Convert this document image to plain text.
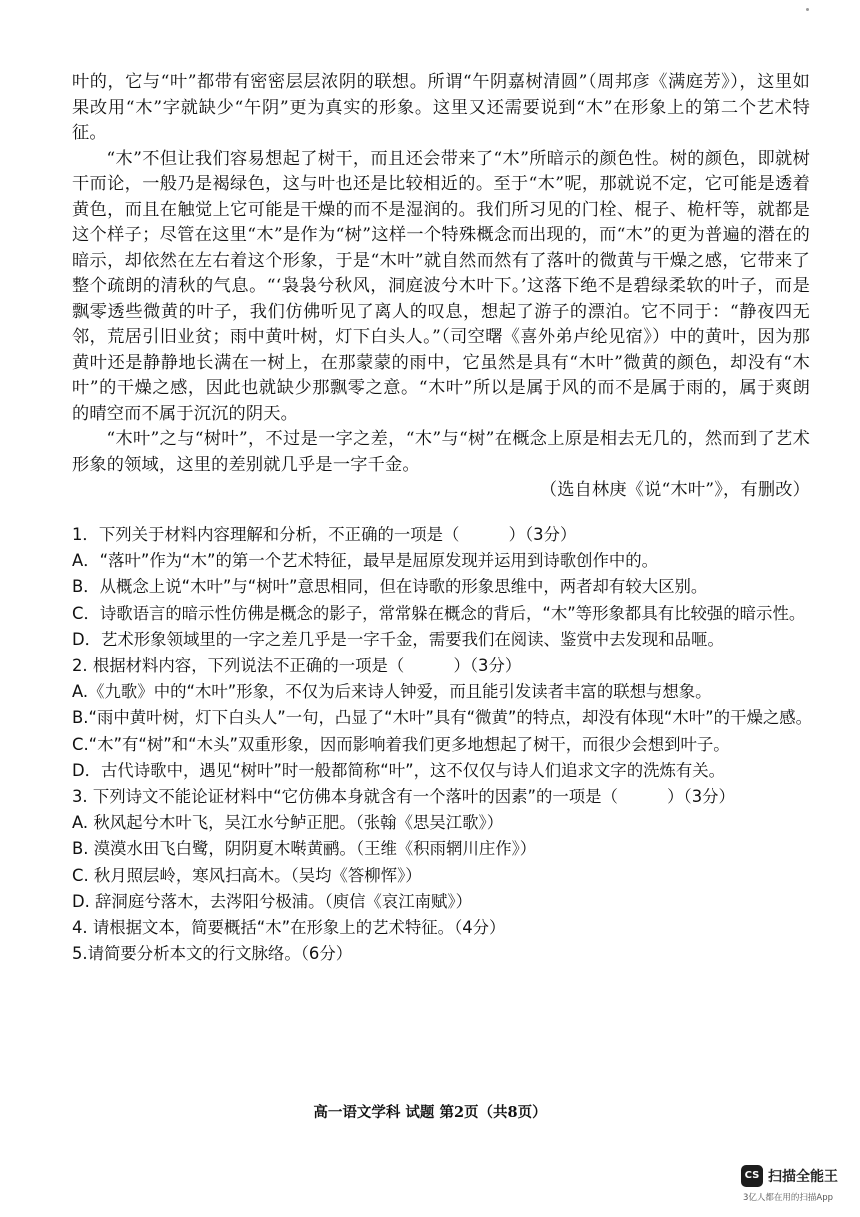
叶的，它与“叶”都带有密密层层浓阴的联想。所谓“午阴嘉树清圆”（周邦彦《满庭芳》），这里如果改用“木”字就缺少“午阴”更为真实的形象。这里又还需要说到“木”在形象上的第二个艺术特征。

“木”不但让我们容易想起了树干，而且还会带来了“木”所暗示的颜色性。树的颜色，即就树干而论，一般乃是褐绿色，这与叶也还是比较相近的。至于“木”呢，那就说不定，它可能是透着黄色，而且在触觉上它可能是干燥的而不是湿润的。我们所习见的门栓、棍子、桅杆等，就都是这个样子；尽管在这里“木”是作为“树”这样一个特殊概念而出现的，而“木”的更为普遍的潜在的暗示，却依然在左右着这个形象，于是“木叶”就自然而然有了落叶的微黄与干燥之感，它带来了整个疏朗的清秋的气息。“‘袅袅兮秋风，洞庭波兮木叶下。’这落下绝不是碧绿柔软的叶子，而是飘零透些微黄的叶子，我们仿佛听见了离人的叹息，想起了游子的漂泊。它不同于：“静夜四无邻，荒居引旧业贫；雨中黄叶树，灯下白头人。”（司空曙《喜外弟卢纶见宿》）中的黄叶，因为那黄叶还是静静地长满在一树上，在那蒙蒙的雨中，它虽然是具有“木叶”微黄的颜色，却没有“木叶”的干燥之感，因此也就缺少那飘零之意。“木叶”所以是属于风的而不是属于雨的，属于爽朗的晴空而不属于沉沉的阴天。

“木叶”之与“树叶”，不过是一字之差，“木”与“树”在概念上原是相去无几的，然而到了艺术形象的领域，这里的差别就几乎是一字千金。

（选自林庚《说“木叶”》，有删改）

1．下列关于材料内容理解和分析，不正确的一项是（　　　）（3分）

A．“落叶”作为“木”的第一个艺术特征，最早是屈原发现并运用到诗歌创作中的。

B．从概念上说“木叶”与“树叶”意思相同，但在诗歌的形象思维中，两者却有较大区别。

C．诗歌语言的暗示性仿佛是概念的影子，常常躲在概念的背后，“木”等形象都具有比较强的暗示性。

D．艺术形象领域里的一字之差几乎是一字千金，需要我们在阅读、鉴赏中去发现和品咂。

2. 根据材料内容，下列说法不正确的一项是（　　　）（3分）

A.《九歌》中的“木叶”形象，不仅为后来诗人钟爱，而且能引发读者丰富的联想与想象。

B.“雨中黄叶树，灯下白头人”一句，凸显了“木叶”具有“微黄”的特点，却没有体现“木叶”的干燥之感。

C.“木”有“树”和“木头”双重形象，因而影响着我们更多地想起了树干，而很少会想到叶子。

D．古代诗歌中，遇见“树叶”时一般都简称“叶”，这不仅仅与诗人们追求文字的洗炼有关。

3. 下列诗文不能论证材料中“它仿佛本身就含有一个落叶的因素”的一项是（　　　）（3分）

A. 秋风起兮木叶飞，吴江水兮鲈正肥。（张翰《思吴江歌》）

B. 漠漠水田飞白鹭，阴阴夏木啭黄鹂。（王维《积雨辋川庄作》）

C. 秋月照层岭，寒风扫高木。（吴均《答柳恽》）

D. 辞洞庭兮落木，去涔阳兮极浦。（庾信《哀江南赋》）

4. 请根据文本，简要概括“木”在形象上的艺术特征。（4分）

5.请简要分析本文的行文脉络。（6分）

高一语文学科 试题 第2页（共8页）
CS 扫描全能王
3亿人都在用的扫描App
